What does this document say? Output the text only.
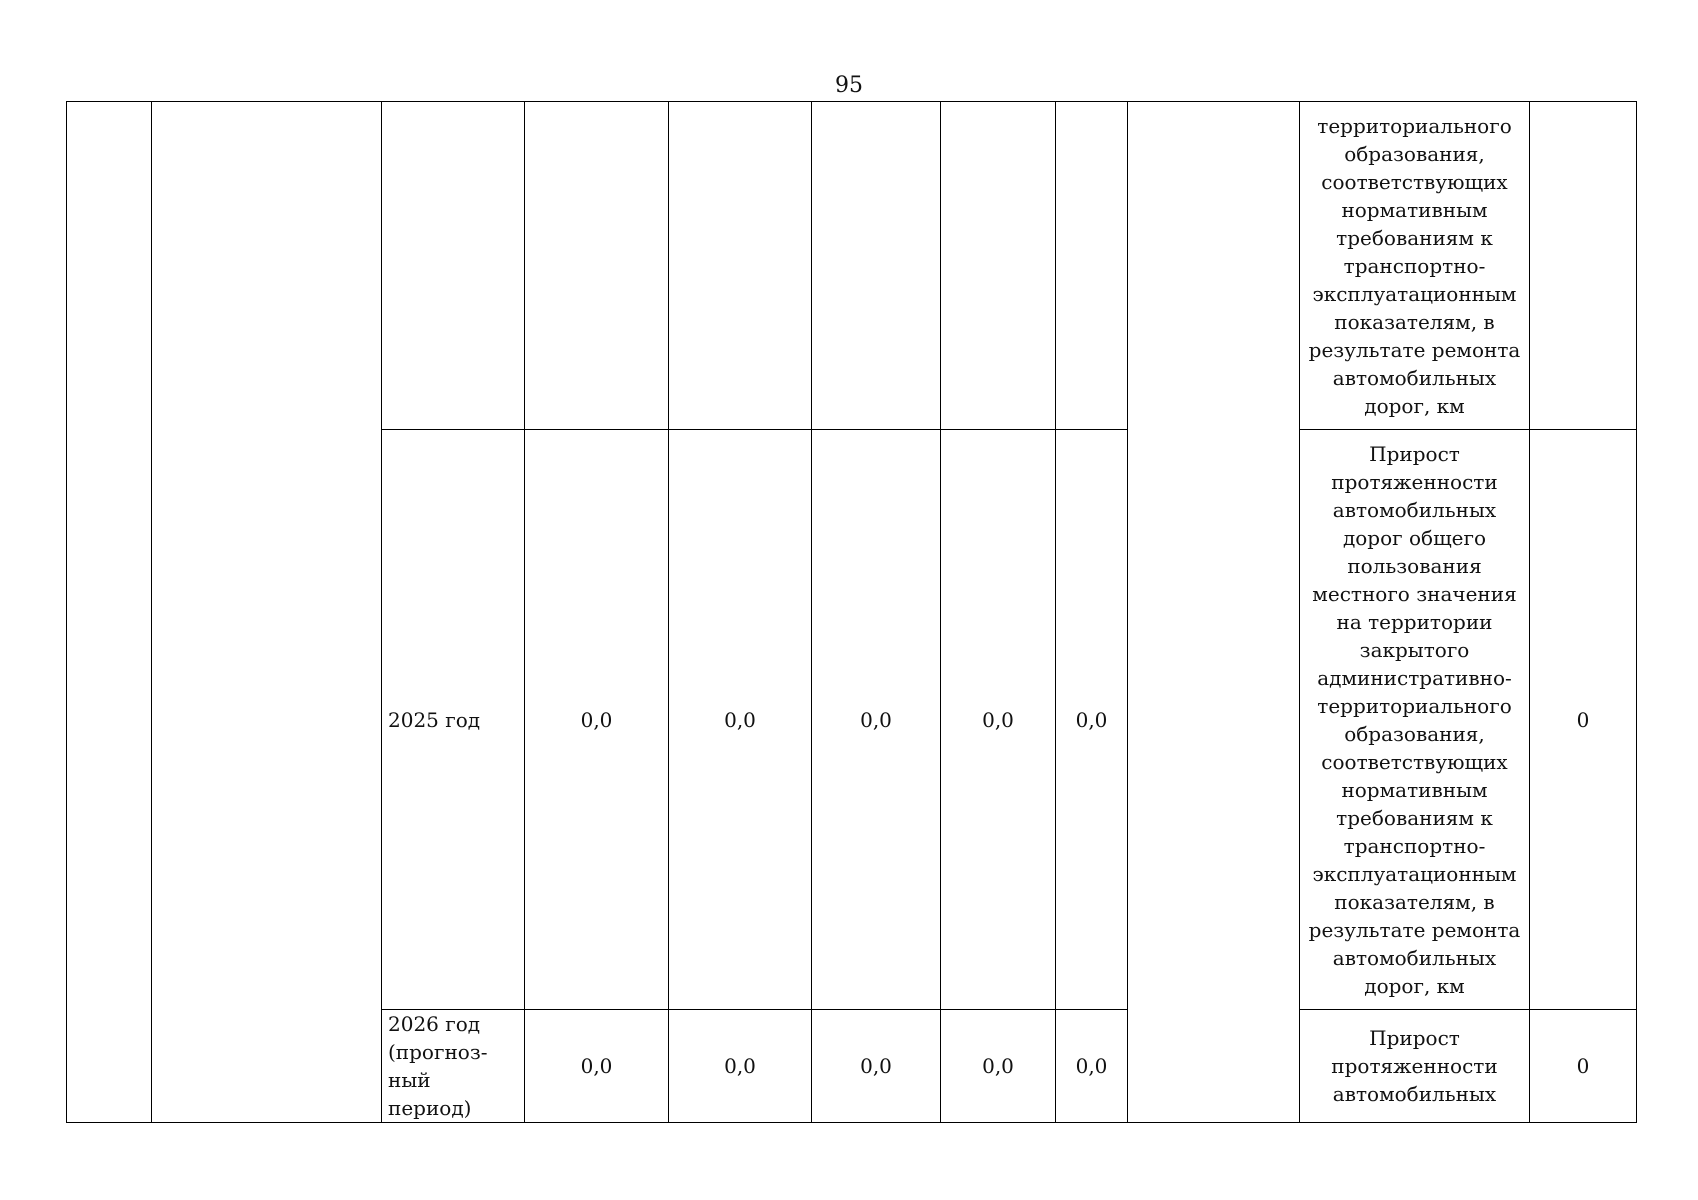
95
									территориального образования, соответствующих нормативным требованиям к транспортно-эксплуатационным показателям, в результате ремонта автомобильных дорог, км	
		2025 год	0,0	0,0	0,0	0,0	0,0		Прирост протяженности автомобильных дорог общего пользования местного значения на территории закрытого административно-территориального образования, соответствующих нормативным требованиям к транспортно-эксплуатационным показателям, в результате ремонта автомобильных дорог, км	0
		2026 год (прогноз-ный период)	0,0	0,0	0,0	0,0	0,0		Прирост протяженности автомобильных	0
